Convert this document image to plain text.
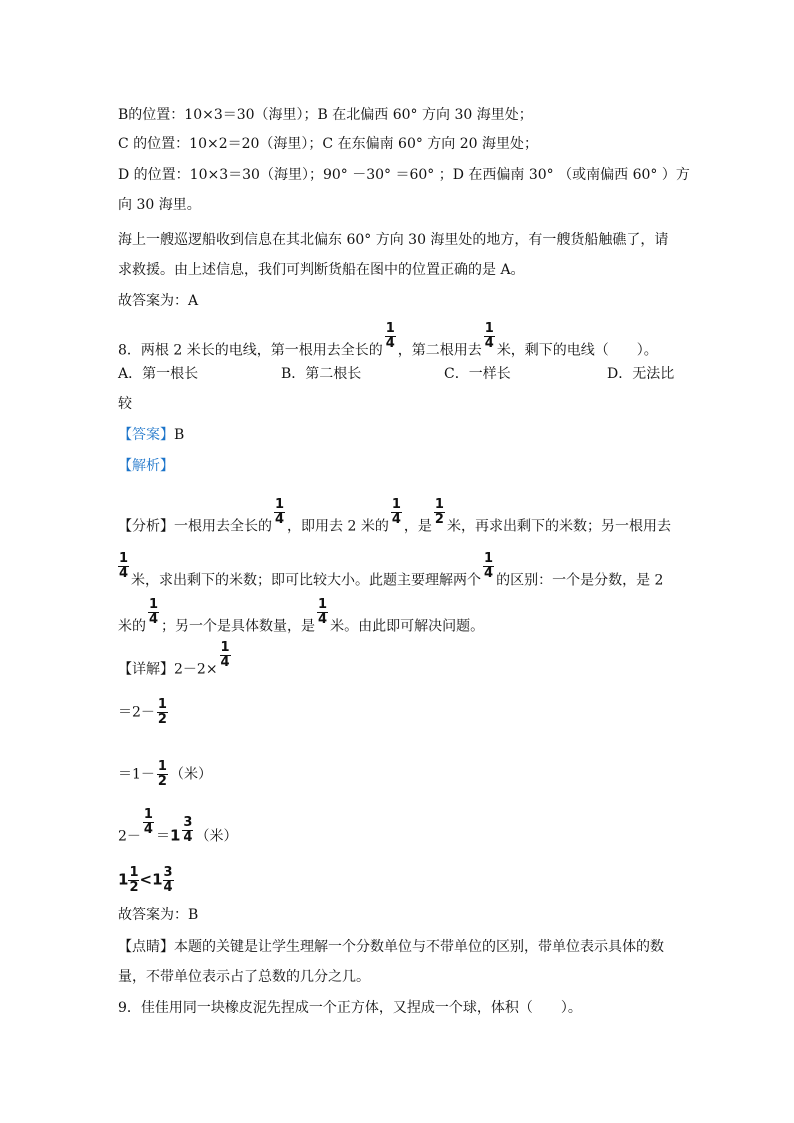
B的位置：10×3＝30（海里）；B 在北偏西 60° 方向 30 海里处；
C 的位置：10×2＝20（海里）；C 在东偏南 60° 方向 20 海里处；
D 的位置：10×3＝30（海里）；90° －30° ＝60° ；D 在西偏南 30° （或南偏西 60° ）方
向 30 海里。
海上一艘巡逻船收到信息在其北偏东 60° 方向 30 海里处的地方，有一艘货船触礁了，请
求救援。由上述信息，我们可判断货船在图中的位置正确的是 A。
故答案为：A
8．两根 2 米长的电线，第一根用去全长的 $\frac{1}{4}$ ，第二根用去 $\frac{1}{4}$ 米，剩下的电线（　　）。
A．第一根长	B．第二根长	C．一样长	D．无法比
较
【答案】B
【解析】
【分析】一根用去全长的 $\frac{1}{4}$ ，即用去 2 米的 $\frac{1}{4}$ ，是 $\frac{1}{2}$ 米，再求出剩下的米数；另一根用去
$\frac{1}{4}$ 米，求出剩下的米数；即可比较大小。此题主要理解两个 $\frac{1}{4}$ 的区别：一个是分数，是 2
米的 $\frac{1}{4}$ ；另一个是具体数量，是 $\frac{1}{4}$ 米。由此即可解决问题。
【详解】$2-2\times \frac{1}{4}$
$=2- \frac{1}{2}$
$=1- \frac{1}{2}$ （米）
$2- \frac{1}{4} =1 \frac{3}{4}$ （米）
$1 \frac{1}{2} <1 \frac{3}{4}$
故答案为：B
【点睛】本题的关键是让学生理解一个分数单位与不带单位的区别，带单位表示具体的数
量，不带单位表示占了总数的几分之几。
9．佳佳用同一块橡皮泥先捏成一个正方体，又捏成一个球，体积（　　）。
